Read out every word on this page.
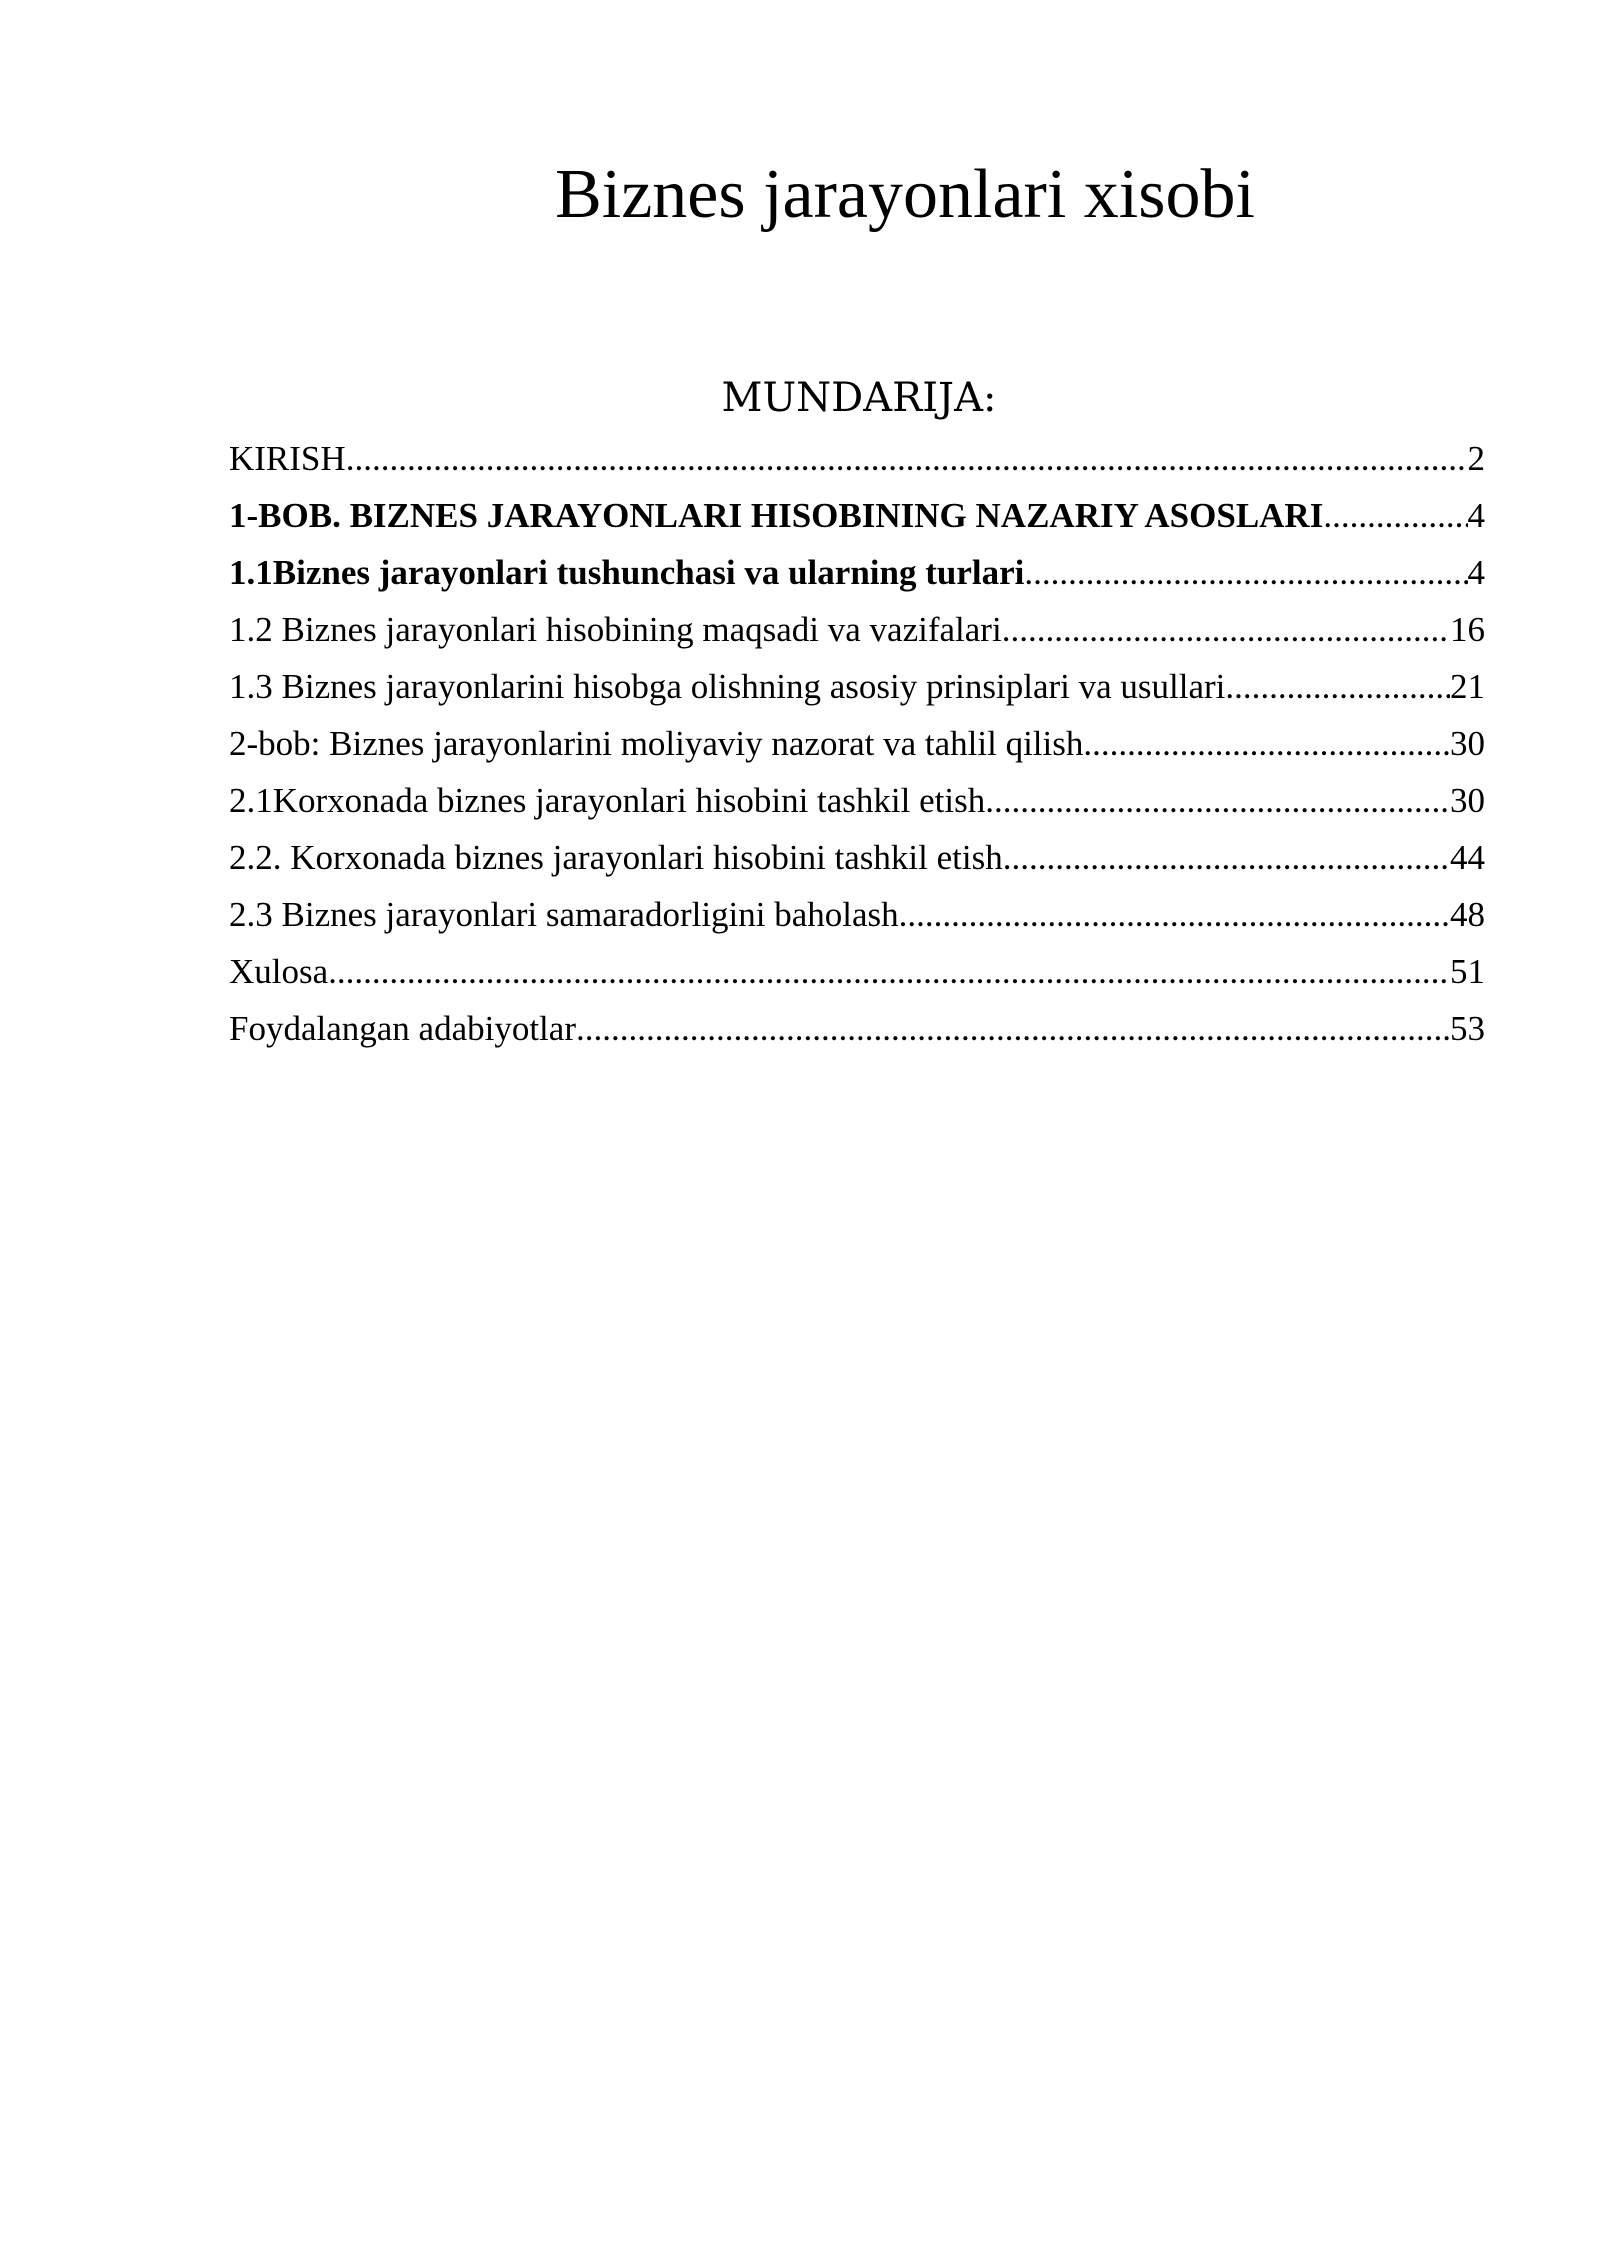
Biznes jarayonlari xisobi
MUNDARIJA:
KIRISH .....	2
1-BOB. BIZNES JARAYONLARI HISOBINING NAZARIY ASOSLARI .....	4
1.1Biznes jarayonlari tushunchasi va ularning turlari .....	4
1.2 Biznes jarayonlari hisobining maqsadi va vazifalari .....	16
1.3 Biznes jarayonlarini hisobga olishning asosiy prinsiplari va usullari .....	21
2-bob: Biznes jarayonlarini moliyaviy nazorat va tahlil qilish .....	30
2.1Korxonada biznes jarayonlari hisobini tashkil etish .....	30
2.2. Korxonada biznes jarayonlari hisobini tashkil etish .....	44
2.3 Biznes jarayonlari samaradorligini baholash .....	48
Xulosa .....	51
Foydalangan adabiyotlar .....	53
